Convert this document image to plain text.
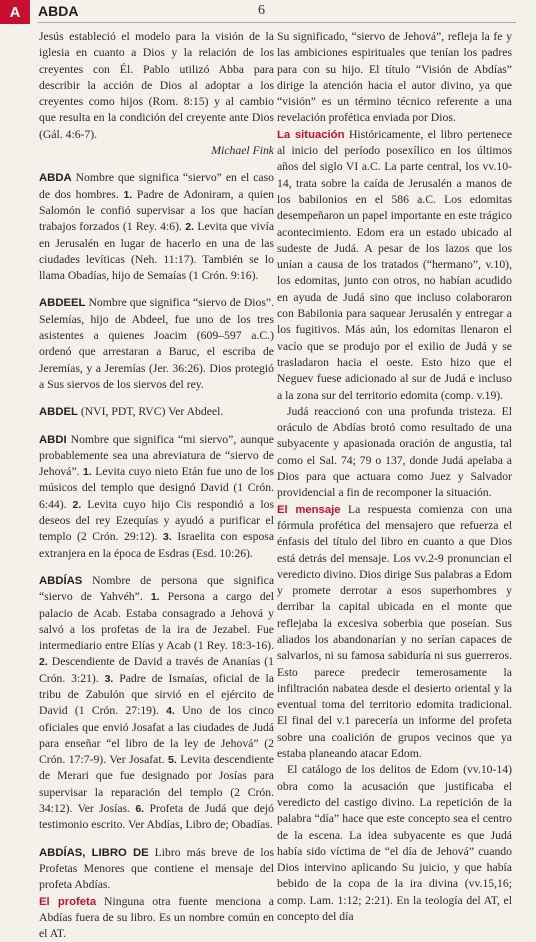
A	ABDA	6

Jesús estableció el modelo para la visión de la iglesia en cuanto a Dios y la relación de los creyentes con Él. Pablo utilizó Abba para describir la acción de Dios al adoptar a los creyentes como hijos (Rom. 8:15) y al cambio que resulta en la condición del creyente ante Dios (Gál. 4:6-7).
Michael Fink

ABDA Nombre que significa “siervo” en el caso de dos hombres. 1. Padre de Adoniram, a quien Salomón le confió supervisar a los que hacían trabajos forzados (1 Rey. 4:6). 2. Levita que vivía en Jerusalén en lugar de hacerlo en una de las ciudades levíticas (Neh. 11:17). También se lo llama Obadías, hijo de Semaías (1 Crón. 9:16).

ABDEEL Nombre que significa “siervo de Dios”. Selemías, hijo de Abdeel, fue uno de los tres asistentes a quienes Joacim (609–597 a.C.) ordenó que arrestaran a Baruc, el escriba de Jeremías, y a Jeremías (Jer. 36:26). Dios protegió a Sus siervos de los siervos del rey.

ABDEL (NVI, PDT, RVC) Ver Abdeel.

ABDI Nombre que significa “mi siervo”, aunque probablemente sea una abreviatura de “siervo de Jehová”. 1. Levita cuyo nieto Etán fue uno de los músicos del templo que designó David (1 Crón. 6:44). 2. Levita cuyo hijo Cis respondió a los deseos del rey Ezequías y ayudó a purificar el templo (2 Crón. 29:12). 3. Israelita con esposa extranjera en la época de Esdras (Esd. 10:26).

ABDÍAS Nombre de persona que significa “siervo de Yahvéh”. 1. Persona a cargo del palacio de Acab. Estaba consagrado a Jehová y salvó a los profetas de la ira de Jezabel. Fue intermediario entre Elías y Acab (1 Rey. 18:3-16). 2. Descendiente de David a través de Ananías (1 Crón. 3:21). 3. Padre de Ismaías, oficial de la tribu de Zabulón que sirvió en el ejército de David (1 Crón. 27:19). 4. Uno de los cinco oficiales que envió Josafat a las ciudades de Judá para enseñar “el libro de la ley de Jehová” (2 Crón. 17:7-9). Ver Josafat. 5. Levita descendiente de Merari que fue designado por Josías para supervisar la reparación del templo (2 Crón. 34:12). Ver Josías. 6. Profeta de Judá que dejó testimonio escrito. Ver Abdías, Libro de; Obadías.

ABDÍAS, LIBRO DE Libro más breve de los Profetas Menores que contiene el mensaje del profeta Abdías.

El profeta Ninguna otra fuente menciona a Abdías fuera de su libro. Es un nombre común en el AT.

Su significado, “siervo de Jehová”, refleja la fe y las ambiciones espirituales que tenían los padres para con su hijo. El título “Visión de Abdías” dirige la atención hacia el autor divino, ya que “visión” es un término técnico referente a una revelación profética enviada por Dios.

La situación Históricamente, el libro pertenece al inicio del período posexílico en los últimos años del siglo VI a.C. La parte central, los vv.10-14, trata sobre la caída de Jerusalén a manos de los babilonios en el 586 a.C. Los edomitas desempeñaron un papel importante en este trágico acontecimiento. Edom era un estado ubicado al sudeste de Judá. A pesar de los lazos que los unían a causa de los tratados (“hermano”, v.10), los edomitas, junto con otros, no habían acudido en ayuda de Judá sino que incluso colaboraron con Babilonia para saquear Jerusalén y entregar a los fugitivos. Más aún, los edomitas llenaron el vacío que se produjo por el exilio de Judá y se trasladaron hacia el oeste. Esto hizo que el Neguev fuese adicionado al sur de Judá e incluso a la zona sur del territorio edomita (comp. v.19).

Judá reaccionó con una profunda tristeza. El oráculo de Abdías brotó como resultado de una subyacente y apasionada oración de angustia, tal como el Sal. 74; 79 o 137, donde Judá apelaba a Dios para que actuara como Juez y Salvador providencial a fin de recomponer la situación.

El mensaje La respuesta comienza con una fórmula profética del mensajero que refuerza el énfasis del título del libro en cuanto a que Dios está detrás del mensaje. Los vv.2-9 pronuncian el veredicto divino. Dios dirige Sus palabras a Edom y promete derrotar a esos superhombres y derribar la capital ubicada en el monte que reflejaba la excesiva soberbia que poseían. Sus aliados los abandonarían y no serían capaces de salvarlos, ni su famosa sabiduría ni sus guerreros. Esto parece predecir temerosamente la infiltración nabatea desde el desierto oriental y la eventual toma del territorio edomita tradicional. El final del v.1 parecería un informe del profeta sobre una coalición de grupos vecinos que ya estaba planeando atacar Edom.

El catálogo de los delitos de Edom (vv.10-14) obra como la acusación que justificaba el veredicto del castigo divino. La repetición de la palabra “día” hace que este concepto sea el centro de la escena. La idea subyacente es que Judá había sido víctima de “el día de Jehová” cuando Dios intervino aplicando Su juicio, y que había bebido de la copa de la ira divina (vv.15,16; comp. Lam. 1:12; 2:21). En la teología del AT, el concepto del día
